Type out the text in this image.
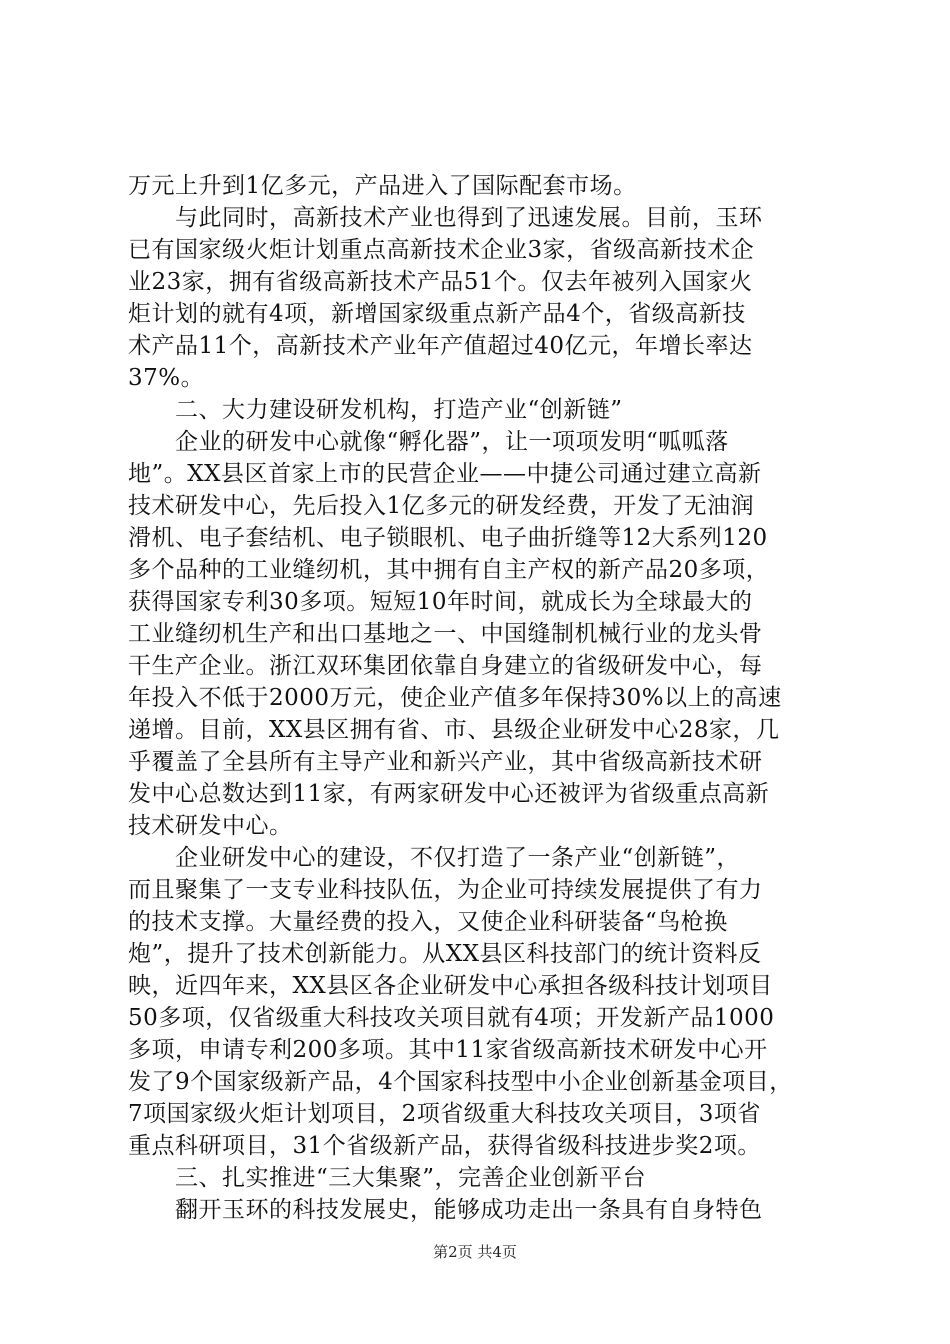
万元上升到1亿多元，产品进入了国际配套市场。
与此同时，高新技术产业也得到了迅速发展。目前，玉环
已有国家级火炬计划重点高新技术企业3家，省级高新技术企
业23家，拥有省级高新技术产品51个。仅去年被列入国家火
炬计划的就有4项，新增国家级重点新产品4个，省级高新技
术产品11个，高新技术产业年产值超过40亿元，年增长率达
37%。
二、大力建设研发机构，打造产业“创新链”
企业的研发中心就像“孵化器”，让一项项发明“呱呱落
地”。XX县区首家上市的民营企业——中捷公司通过建立高新
技术研发中心，先后投入1亿多元的研发经费，开发了无油润
滑机、电子套结机、电子锁眼机、电子曲折缝等12大系列120
多个品种的工业缝纫机，其中拥有自主产权的新产品20多项，
获得国家专利30多项。短短10年时间，就成长为全球最大的
工业缝纫机生产和出口基地之一、中国缝制机械行业的龙头骨
干生产企业。浙江双环集团依靠自身建立的省级研发中心，每
年投入不低于2000万元，使企业产值多年保持30%以上的高速
递增。目前，XX县区拥有省、市、县级企业研发中心28家，几
乎覆盖了全县所有主导产业和新兴产业，其中省级高新技术研
发中心总数达到11家，有两家研发中心还被评为省级重点高新
技术研发中心。
企业研发中心的建设，不仅打造了一条产业“创新链”，
而且聚集了一支专业科技队伍，为企业可持续发展提供了有力
的技术支撑。大量经费的投入，又使企业科研装备“鸟枪换
炮”，提升了技术创新能力。从XX县区科技部门的统计资料反
映，近四年来，XX县区各企业研发中心承担各级科技计划项目
50多项，仅省级重大科技攻关项目就有4项；开发新产品1000
多项，申请专利200多项。其中11家省级高新技术研发中心开
发了9个国家级新产品，4个国家科技型中小企业创新基金项目，
7项国家级火炬计划项目，2项省级重大科技攻关项目，3项省
重点科研项目，31个省级新产品，获得省级科技进步奖2项。
三、扎实推进“三大集聚”，完善企业创新平台
翻开玉环的科技发展史，能够成功走出一条具有自身特色
第2页 共4页
